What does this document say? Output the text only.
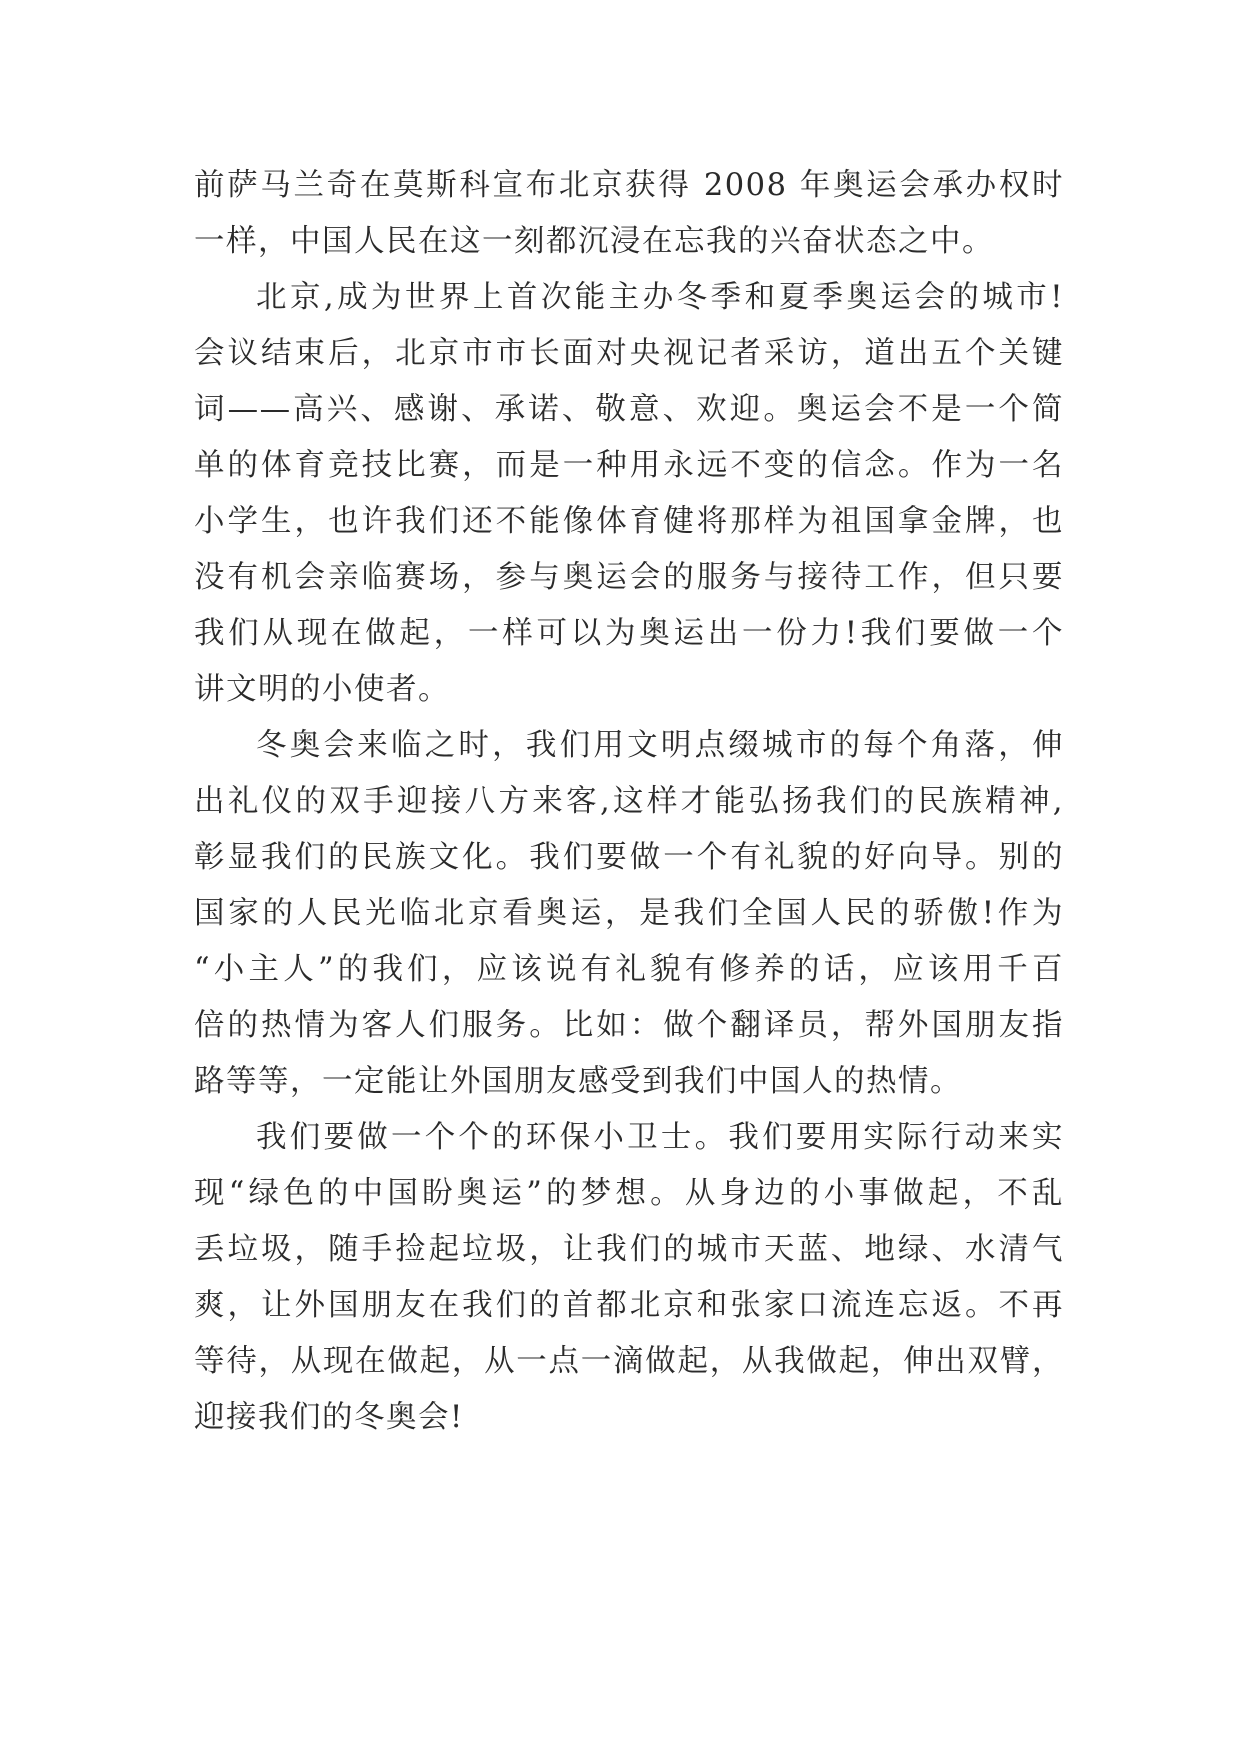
前萨马兰奇在莫斯科宣布北京获得 2008 年奥运会承办权时
一样，中国人民在这一刻都沉浸在忘我的兴奋状态之中。
北京,成为世界上首次能主办冬季和夏季奥运会的城市!
会议结束后，北京市市长面对央视记者采访，道出五个关键
词——高兴、感谢、承诺、敬意、欢迎。奥运会不是一个简
单的体育竞技比赛，而是一种用永远不变的信念。作为一名
小学生，也许我们还不能像体育健将那样为祖国拿金牌，也
没有机会亲临赛场，参与奥运会的服务与接待工作，但只要
我们从现在做起，一样可以为奥运出一份力!我们要做一个
讲文明的小使者。
冬奥会来临之时，我们用文明点缀城市的每个角落，伸
出礼仪的双手迎接八方来客,这样才能弘扬我们的民族精神,
彰显我们的民族文化。我们要做一个有礼貌的好向导。别的
国家的人民光临北京看奥运，是我们全国人民的骄傲!作为
“小主人”的我们，应该说有礼貌有修养的话，应该用千百
倍的热情为客人们服务。比如：做个翻译员，帮外国朋友指
路等等，一定能让外国朋友感受到我们中国人的热情。
我们要做一个个的环保小卫士。我们要用实际行动来实
现“绿色的中国盼奥运”的梦想。从身边的小事做起，不乱
丢垃圾，随手捡起垃圾，让我们的城市天蓝、地绿、水清气
爽，让外国朋友在我们的首都北京和张家口流连忘返。不再
等待，从现在做起，从一点一滴做起，从我做起，伸出双臂，
迎接我们的冬奥会!
